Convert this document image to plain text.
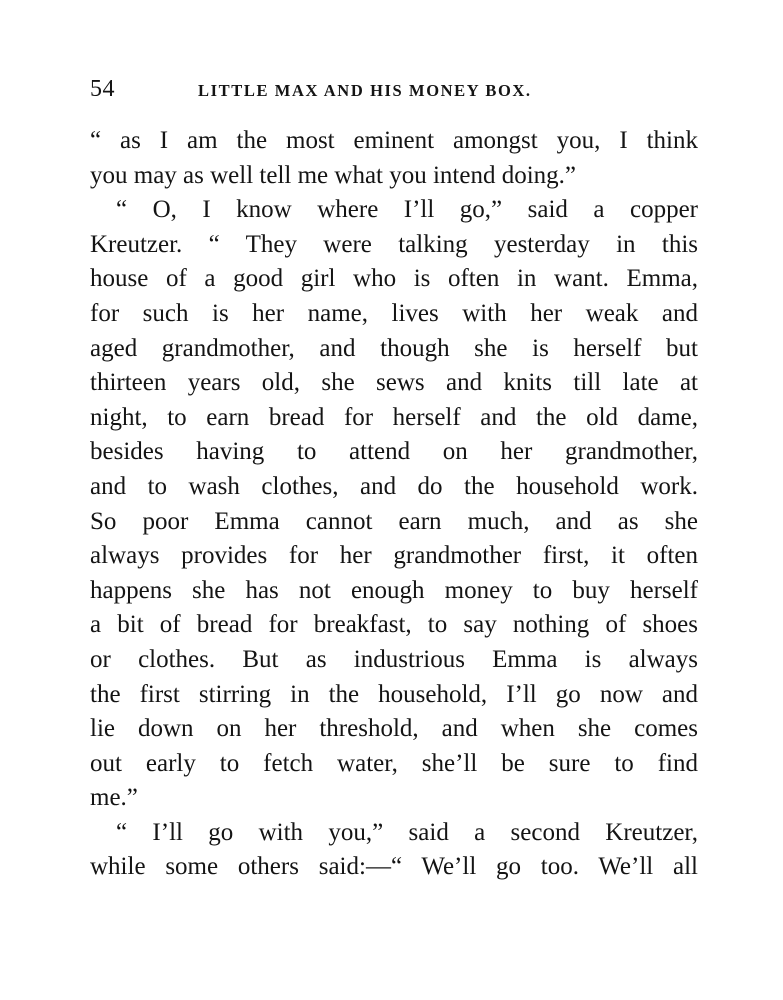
54	LITTLE MAX AND HIS MONEY BOX.
“ as I am the most eminent amongst you, I think
you may as well tell me what you intend doing.”
“ O, I know where I’ll go,” said a copper
Kreutzer. “ They were talking yesterday in this
house of a good girl who is often in want. Emma,
for such is her name, lives with her weak and
aged grandmother, and though she is herself but
thirteen years old, she sews and knits till late at
night, to earn bread for herself and the old dame,
besides having to attend on her grandmother,
and to wash clothes, and do the household work.
So poor Emma cannot earn much, and as she
always provides for her grandmother first, it often
happens she has not enough money to buy herself
a bit of bread for breakfast, to say nothing of shoes
or clothes. But as industrious Emma is always
the first stirring in the household, I’ll go now and
lie down on her threshold, and when she comes
out early to fetch water, she’ll be sure to find
me.”
“ I’ll go with you,” said a second Kreutzer,
while some others said:—“ We’ll go too. We’ll all
